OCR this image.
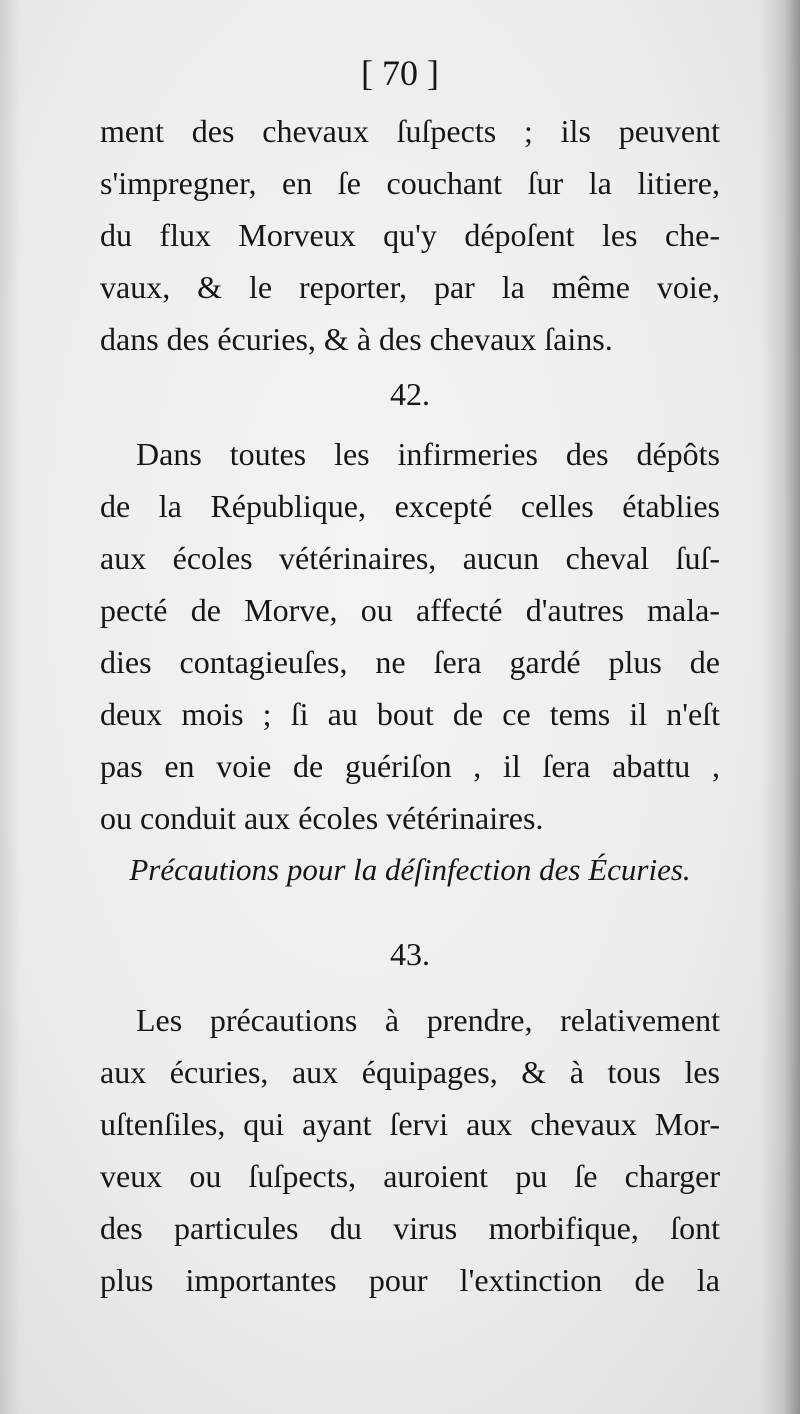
[ 70 ]
ment des chevaux ſuſpects ; ils peuvent
s'impregner, en ſe couchant ſur la litiere,
du flux Morveux qu'y dépoſent les che-
vaux, & le reporter, par la même voie,
dans des écuries, & à des chevaux ſains.
42.
Dans toutes les infirmeries des dépôts
de la République, excepté celles établies
aux écoles vétérinaires, aucun cheval ſuſ-
pecté de Morve, ou affecté d'autres mala-
dies contagieuſes, ne ſera gardé plus de
deux mois ; ſi au bout de ce tems il n'eſt
pas en voie de guériſon , il ſera abattu ,
ou conduit aux écoles vétérinaires.
Précautions pour la déſinfection des Écuries.
43.
Les précautions à prendre, relativement
aux écuries, aux équipages, & à tous les
uſtenſiles, qui ayant ſervi aux chevaux Mor-
veux ou ſuſpects, auroient pu ſe charger
des particules du virus morbifique, ſont
plus importantes pour l'extinction de la
